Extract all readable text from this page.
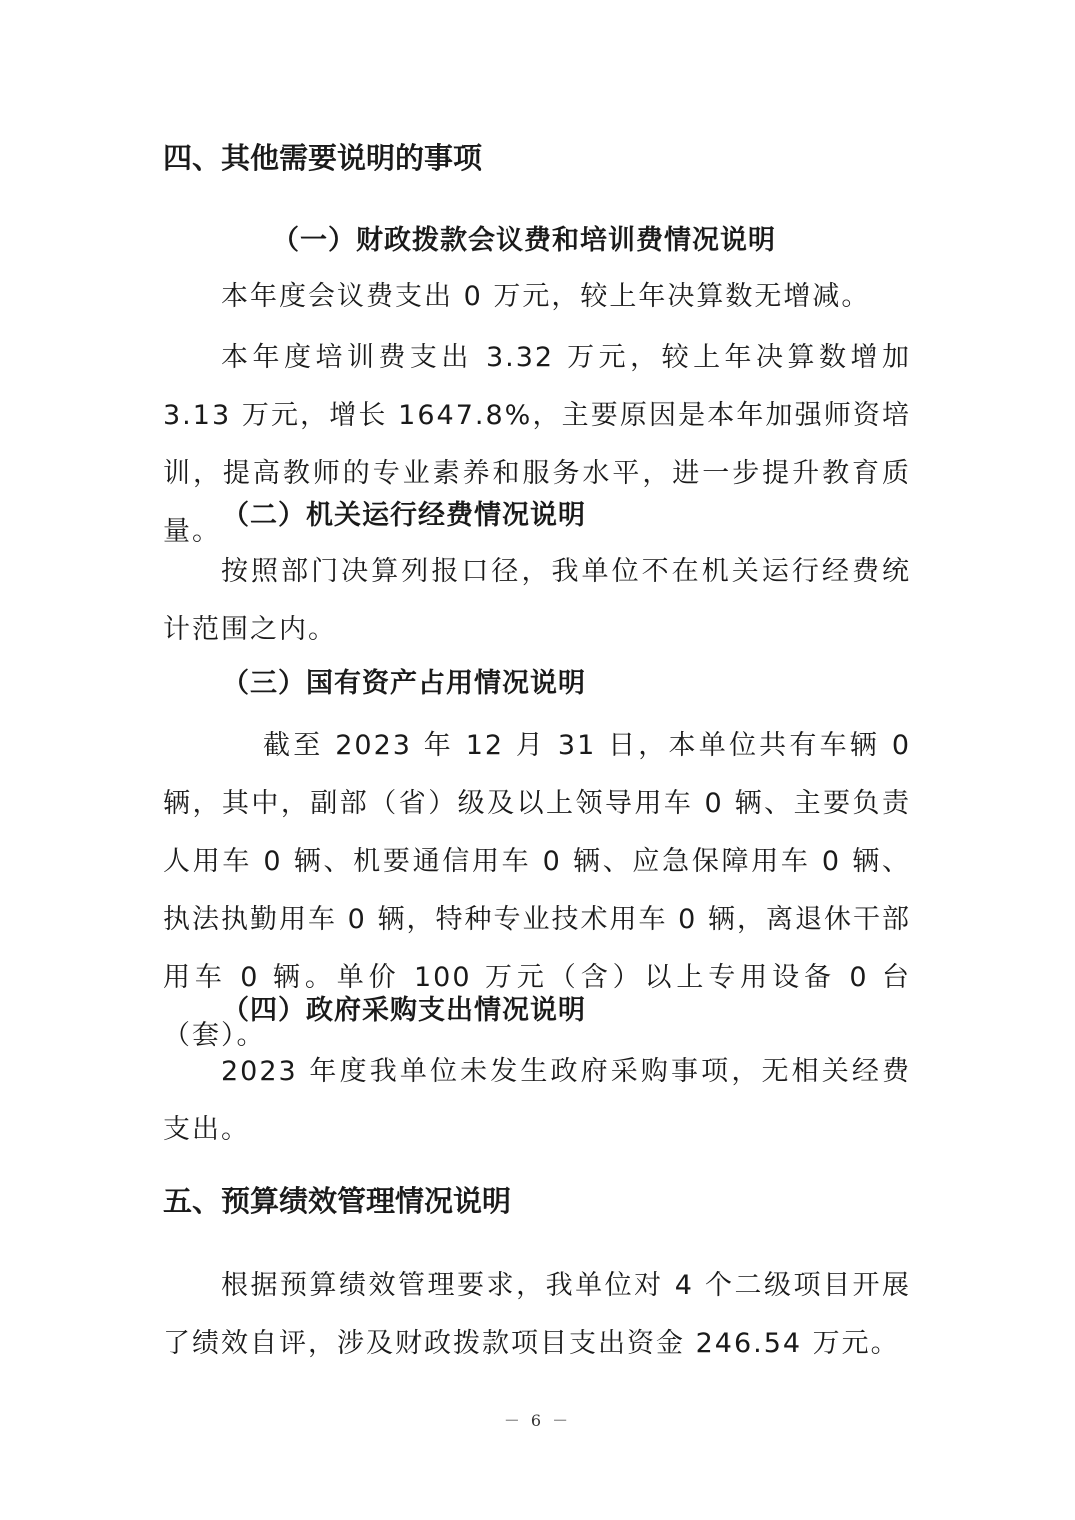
四、其他需要说明的事项
（一）财政拨款会议费和培训费情况说明
本年度会议费支出 0 万元，较上年决算数无增减。
本年度培训费支出 3.32 万元，较上年决算数增加 3.13 万元，增长 1647.8%，主要原因是本年加强师资培训，提高教师的专业素养和服务水平，进一步提升教育质量。
（二）机关运行经费情况说明
按照部门决算列报口径，我单位不在机关运行经费统计范围之内。
（三）国有资产占用情况说明
截至 2023 年 12 月 31 日，本单位共有车辆 0 辆，其中，副部（省）级及以上领导用车 0 辆、主要负责人用车 0 辆、机要通信用车 0 辆、应急保障用车 0 辆、执法执勤用车 0 辆，特种专业技术用车 0 辆，离退休干部用车 0 辆。单价 100 万元（含）以上专用设备 0 台（套）。
（四）政府采购支出情况说明
2023 年度我单位未发生政府采购事项，无相关经费支出。
五、预算绩效管理情况说明
根据预算绩效管理要求，我单位对 4 个二级项目开展了绩效自评，涉及财政拨款项目支出资金 246.54 万元。
－ 6 －
